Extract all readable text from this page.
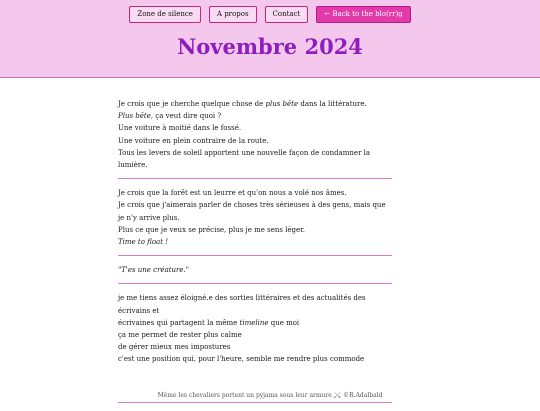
Zone de silence	A propos	Contact	← Back to the blo(rr)g
Novembre 2024

Je crois que je cherche quelque chose de plus bête dans la littérature.

Plus bête, ça veut dire quoi ?

Une voiture à moitié dans le fossé.

Une voiture en plein contraire de la route.

Tous les levers de soleil apportent une nouvelle façon de condamner la lumière.

Je crois que la forêt est un leurre et qu'on nous a volé nos âmes.

Je crois que j'aimerais parler de choses très sérieuses à des gens, mais que je n'y arrive plus.

Plus ce que je veux se précise, plus je me sens léger.

Time to float !

"T'es une créature."

je me tiens assez éloigné.e des sorties littéraires et des actualités des écrivains et

écrivaines qui partagent la même timeline que moi

ça me permet de rester plus calme

de gérer mieux mes impostures

c'est une position qui, pour l'heure, semble me rendre plus commode

Même les chevaliers portent un pyjama sous leur armure ⚔️ ©R.Adalbald
